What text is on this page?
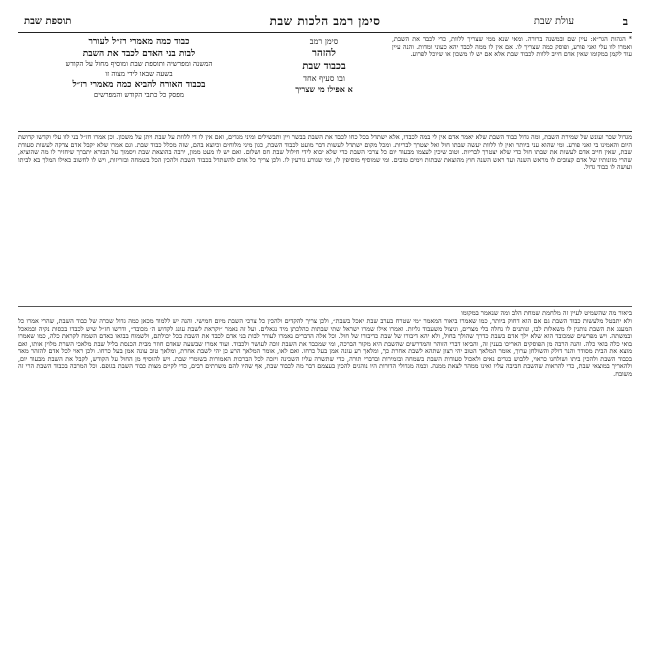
ב
עולת שבת
סימן רמב הלכות שבת
תוספת שבת
* הגהות הגר״א: עיין שם ובמשנה ברורה. ומאי שנא ממי שצריך ללוות, כדי לכבד את השבת, ואמרו לוו עלי ואני פורע, ופוסק כמה שצריך לו. אם אין לו ממה לכבד יהא כעוני ומדות. והנה עיין עוד לקמן במקומו שאין אדם חייב ללוות לכבוד שבת אלא אם יש לו משכון או שיוכל לפרוע.
סימן רמב
להזהר
בכבוד שבת
ובו סעיף אחד
א אפילו מי שצריך
כבוד כמה מאמרי רז״ל לעורר
לבות בני האדם לכבד את השבת
המשנה ומפרשיה ותוספת שבת ומוסיף מחול על הקודש
בשעה שבאו לידי מצוה זו
בכבוד האורח להביא כמה מאמרי רז״ל
מפסק כל כתבי הקודש והמפרשים
מגדול שכר ועונש של שמירת השבת, ומה גדול כבוד השבת שלא יאמר אדם אין לי במה לכבדו, אלא ישתדל בכל כחו לכבד את השבת בבשר ויין ותבשילים ומיני מגדים, ואם אין לו די ללוות על שבת ויתן על משכון. וכן אמרו חז״ל בני לוו עלי וקדשו קדושת היום והאמינו בי ואני פורע. ומי שהוא עני ביותר ואין לו ללוות יעשה שבתו חול ואל יצטרך לבריות. ומכל מקום ישתדל לעשות דבר מועט לכבוד השבת, כגון מיני מלוחים וכיוצא בהם, שזה מכלל כבוד שבת. וגם אמרו שלא יקבל אדם צדקה לעשות סעודת שבת, שאין חייב אדם לעשות את שבתו חול כדי שלא יצטרך לבריות. וטוב שיכין לעצמו מבעוד יום כל צרכי השבת כדי שלא יבוא לידי חילול שבת חס ושלום. ואם יש לו מעט ממון, ירבה בהוצאת שבת ויסמוך על הבורא יתברך שיחזיר לו מה שהוציא, שהרי מזונותיו של אדם קצובים לו מראש השנה ועד ראש השנה חוץ מהוצאת שבתות וימים טובים. ומי שמוסיף מוסיפין לו, ומי שגורע גורעין לו. ולכן צריך כל אדם להשתדל בכבוד השבת ולהכין הכל בשמחה ובזריזות, ויש לו לחשוב כאילו המלך בא לביתו ועושה לו כבוד גדול.
ביאור מה שהשמיט לעיין זה מלחמת שמחת הלב ומה שנאמר במקומו
ולא יתבטל מלעשות כבוד השבת גם אם הוא דחוק ביותר, כמו שאמרו ביאור המאמר ״מי שטרח בערב שבת יאכל בשבת״, ולכן צריך להקדים ולהכין כל צרכי השבת מיום חמישי. והנה יש ללמוד מכאן כמה גדול שכרה של כבוד השבת, שהרי אמרו כל המענג את השבת נותנין לו משאלות לבו, ונותנים לו נחלה בלי מצרים, וניצול משעבוד גליות. ואמרו אילו שמרו ישראל שתי שבתות כהלכתן מיד נגאלים. ועל זה נאמר ״וקראת לשבת עונג לקדוש ה׳ מכובד״, ודרשו חז״ל שיש לכבדו בכסות נקיה ובמאכל ובמשתה. ויש מפרשים שמכובד הוא שלא ילך אדם בשבת כדרך שהולך בחול, ולא יהא דיבורו של שבת כדיבורו של חול. וכל אלה הדברים נאמרו לעורר לבות בני אדם לכבד את השבת בכל יכולתם, ולשמוח בבואו כאדם השמח לקראת כלה, כמו שאמרו בואי כלה בואי כלה. והנה הרבה מן הפוסקים האריכו בענין זה, והביאו דברי הזוהר והמדרשים שהשבת היא מקור הברכה, ומי שמכבד את השבת זוכה לעושר ולכבוד. ועוד אמרו שבשעה שאדם חוזר מבית הכנסת בליל שבת מלאכי השרת מלוין אותו, ואם מוצא את הבית מסודר והנר דולק והשולחן ערוך, אומר המלאך הטוב יהי רצון שתהא לשבת אחרת כך, ומלאך רע עונה אמן בעל כרחו. ואם לאו, אומר המלאך הרע כן יהי לשבת אחרת, ומלאך טוב עונה אמן בעל כרחו. ולכן ראוי לכל אדם להזהר מאד בכבוד השבת ולהכין ביתו ושולחנו כראוי, ללבוש בגדים נאים ולאכול סעודות השבת בשמחה ובזמירות ובדברי תורה, כדי שתשרה עליו השכינה ויזכה לכל הברכות האמורות בשומרי שבת. ויש להוסיף מן החול על הקודש, לקבל את השבת מבעוד יום, ולהאריך במוצאי שבת, כדי להראות שהשבת חביבה עליו ואינו ממהר לצאת ממנה. וכמה מגדולי הדורות היו נוהגים להכין בעצמם דבר מה לכבוד שבת, אף שהיו להם משרתים רבים, כדי לקיים מצות כבוד השבת בגופם. וכל המרבה בכבוד השבת הרי זה משובח.
